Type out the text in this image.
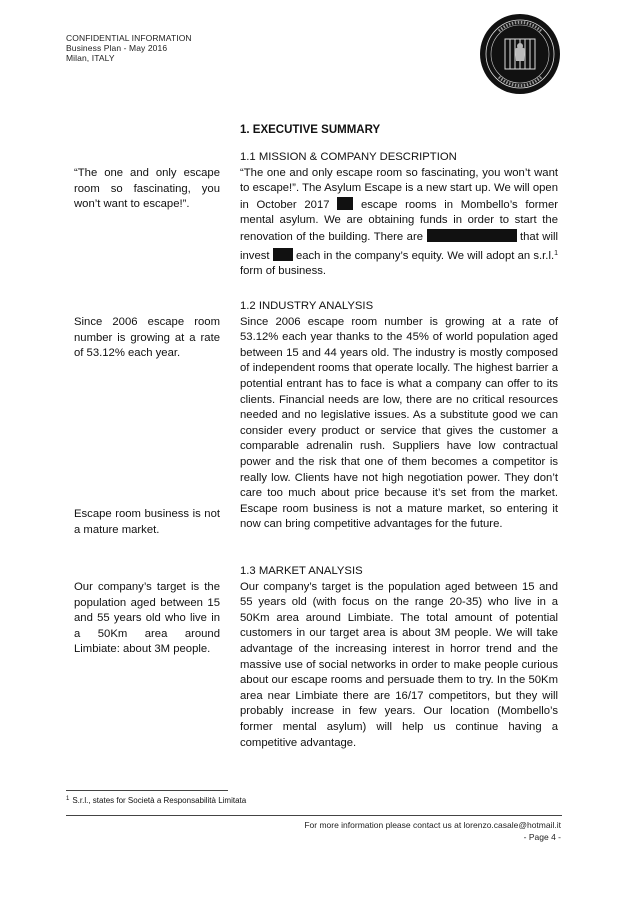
CONFIDENTIAL INFORMATION
Business Plan - May 2016
Milan, ITALY
1. EXECUTIVE SUMMARY
“The one and only escape room so fascinating, you won’t want to escape!”.
Since 2006 escape room number is growing at a rate of 53.12% each year.
Escape room business is not a mature market.
Our company’s target is the population aged between 15 and 55 years old who live in a 50Km area around Limbiate: about 3M people.

1.1 MISSION & COMPANY DESCRIPTION

“The one and only escape room so fascinating, you won’t want to escape!”. The Asylum Escape is a new start up. We will open in October 2017	escape rooms in Mombello’s former mental asylum. We are obtaining funds in order to start the renovation of the building. There are	that will invest each in the company’s equity. We will adopt an s.r.l.$^1$ form of business.

1.2 INDUSTRY ANALYSIS

Since 2006 escape room number is growing at a rate of 53.12% each year thanks to the 45% of world population aged between 15 and 44 years old. The industry is mostly composed of independent rooms that operate locally. The highest barrier a potential entrant has to face is what a company can offer to its clients. Financial needs are low, there are no critical resources needed and no legislative issues. As a substitute good we can consider every product or service that gives the customer a comparable adrenalin rush. Suppliers have low contractual power and the risk that one of them becomes a competitor is really low. Clients have not high negotiation power. They don’t care too much about price because it’s set from the market. Escape room business is not a mature market, so entering it now can bring competitive advantages for the future.

1.3 MARKET ANALYSIS

Our company’s target is the population aged between 15 and 55 years old (with focus on the range 20-35) who live in a 50Km area around Limbiate. The total amount of potential customers in our target area is about 3M people. We will take advantage of the increasing interest in horror trend and the massive use of social networks in order to make people curious about our escape rooms and persuade them to try. In the 50Km area near Limbiate there are 16/17 competitors, but they will probably increase in few years. Our location (Mombello’s former mental asylum) will help us continue having a competitive advantage.

$^1$ S.r.l., states for Società a Responsabilità Limitata
For more information please contact us at lorenzo.casale@hotmail.it
- Page 4 -
